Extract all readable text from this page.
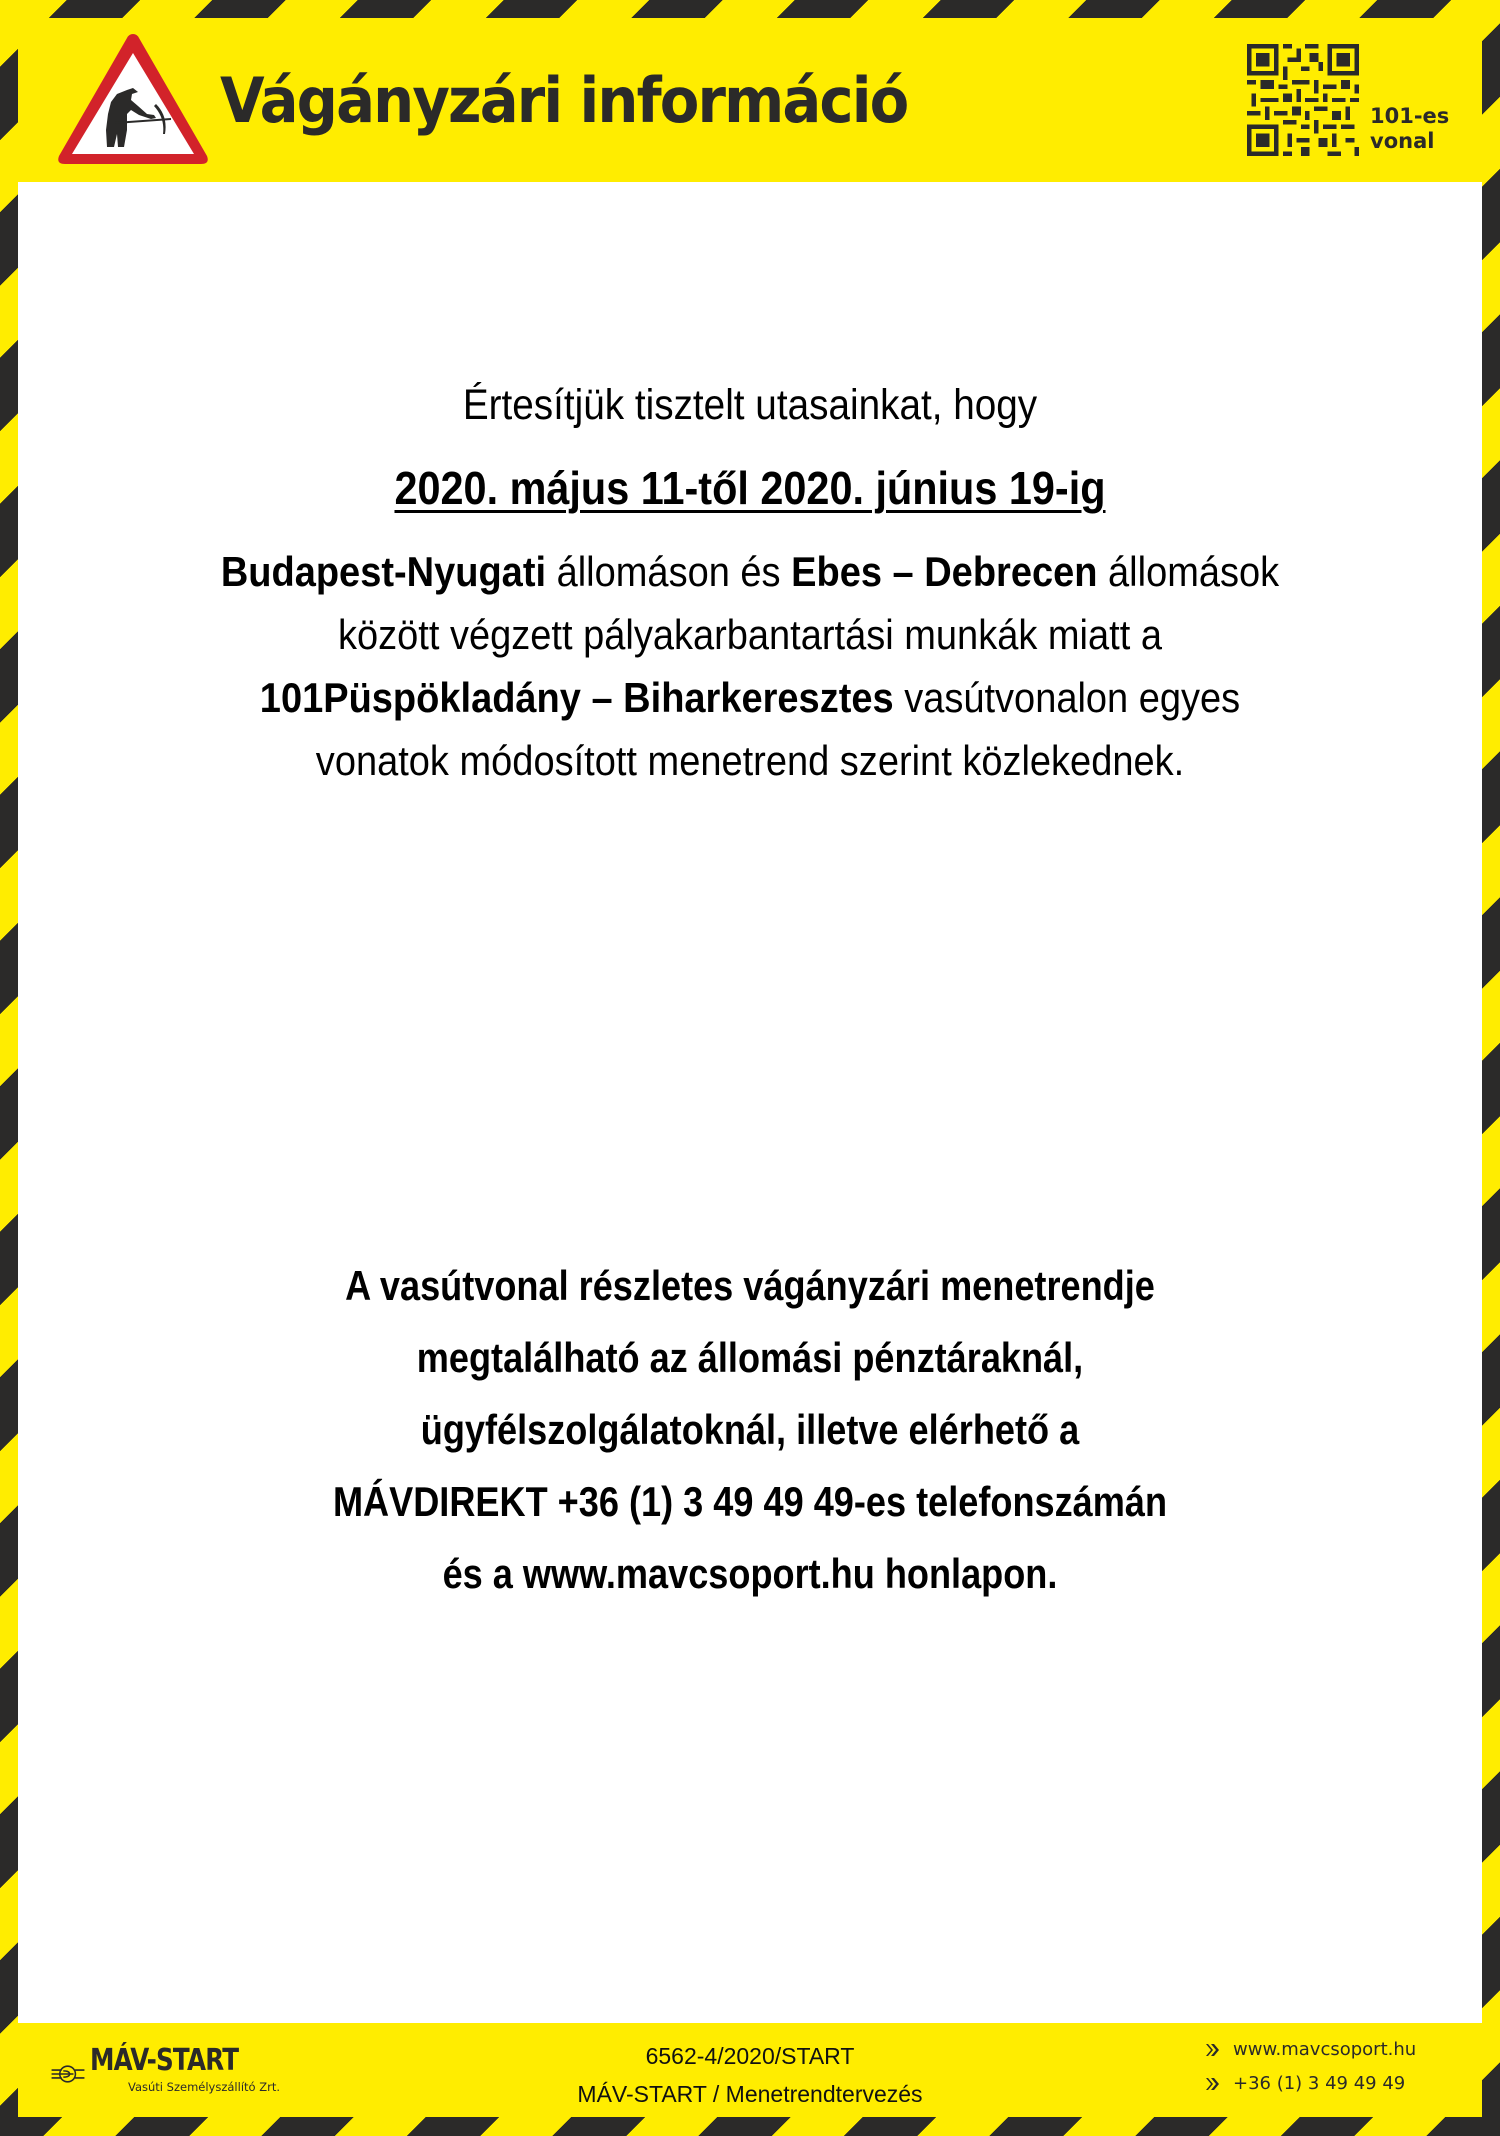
Vágányzári információ	101-es
vonal
Értesítjük tisztelt utasainkat, hogy
2020. május 11-től 2020. június 19-ig
Budapest-Nyugati állomáson és Ebes – Debrecen állomások
között végzett pályakarbantartási munkák miatt a
101Püspökladány – Biharkeresztes vasútvonalon egyes
vonatok módosított menetrend szerint közlekednek.
A vasútvonal részletes vágányzári menetrendje
megtalálható az állomási pénztáraknál,
ügyfélszolgálatoknál, illetve elérhető a
MÁVDIREKT +36 (1) 3 49 49 49-es telefonszámán
és a www.mavcsoport.hu honlapon.
MÁV-START
Vasúti Személyszállító Zrt.
6562-4/2020/START
MÁV-START / Menetrendtervezés
www.mavcsoport.hu
+36 (1) 3 49 49 49
